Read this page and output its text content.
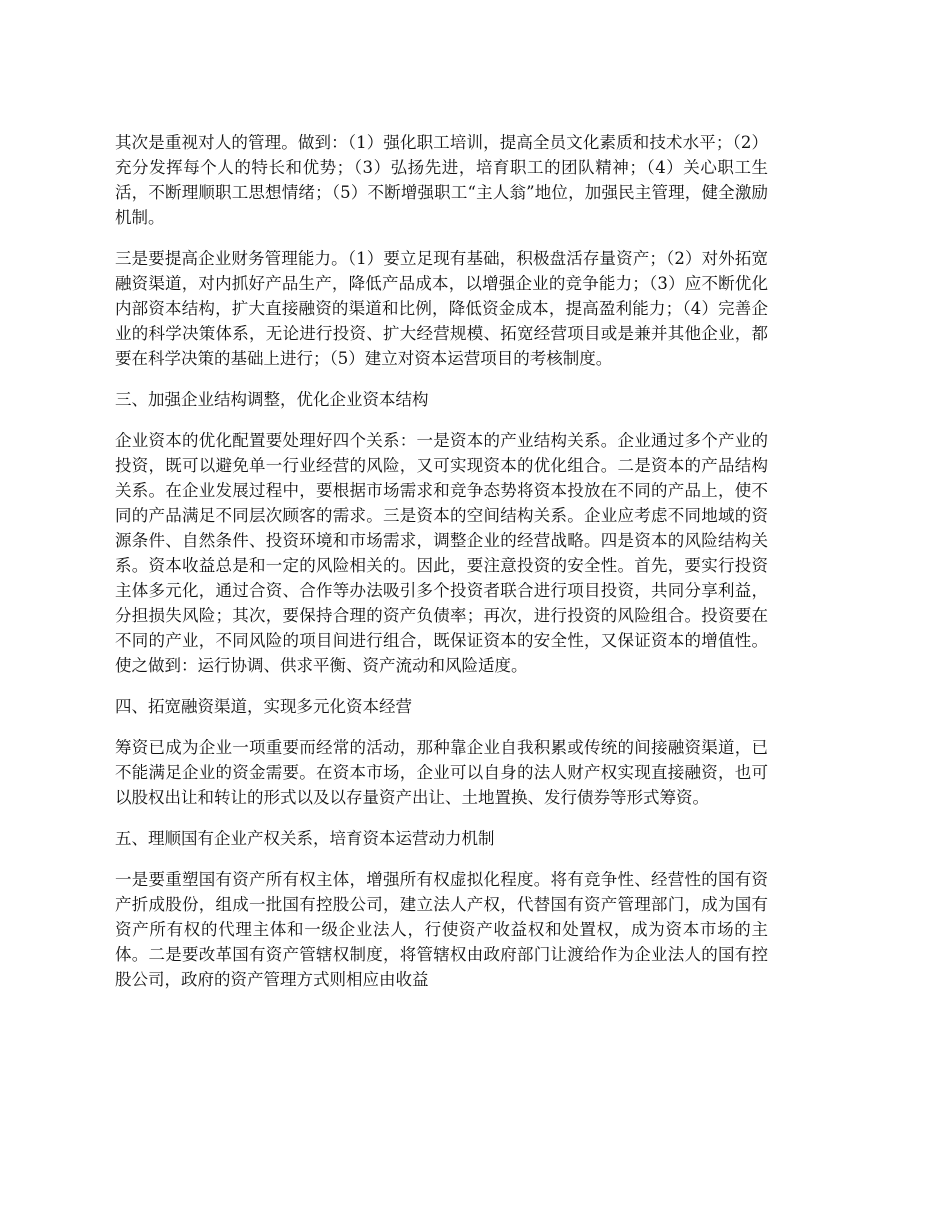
其次是重视对人的管理。做到：（1）强化职工培训，提高全员文化素质和技术水平；（2）充分发挥每个人的特长和优势；（3）弘扬先进，培育职工的团队精神；（4）关心职工生活，不断理顺职工思想情绪；（5）不断增强职工“主人翁”地位，加强民主管理，健全激励机制。

三是要提高企业财务管理能力。（1）要立足现有基础，积极盘活存量资产；（2）对外拓宽融资渠道，对内抓好产品生产，降低产品成本，以增强企业的竞争能力；（3）应不断优化内部资本结构，扩大直接融资的渠道和比例，降低资金成本，提高盈利能力；（4）完善企业的科学决策体系，无论进行投资、扩大经营规模、拓宽经营项目或是兼并其他企业，都要在科学决策的基础上进行；（5）建立对资本运营项目的考核制度。

三、加强企业结构调整，优化企业资本结构

企业资本的优化配置要处理好四个关系：一是资本的产业结构关系。企业通过多个产业的投资，既可以避免单一行业经营的风险，又可实现资本的优化组合。二是资本的产品结构关系。在企业发展过程中，要根据市场需求和竞争态势将资本投放在不同的产品上，使不同的产品满足不同层次顾客的需求。三是资本的空间结构关系。企业应考虑不同地域的资源条件、自然条件、投资环境和市场需求，调整企业的经营战略。四是资本的风险结构关系。资本收益总是和一定的风险相关的。因此，要注意投资的安全性。首先，要实行投资主体多元化，通过合资、合作等办法吸引多个投资者联合进行项目投资，共同分享利益，分担损失风险；其次，要保持合理的资产负债率；再次，进行投资的风险组合。投资要在不同的产业，不同风险的项目间进行组合，既保证资本的安全性，又保证资本的增值性。使之做到：运行协调、供求平衡、资产流动和风险适度。

四、拓宽融资渠道，实现多元化资本经营

筹资已成为企业一项重要而经常的活动，那种靠企业自我积累或传统的间接融资渠道，已不能满足企业的资金需要。在资本市场，企业可以自身的法人财产权实现直接融资，也可以股权出让和转让的形式以及以存量资产出让、土地置换、发行债券等形式筹资。

五、理顺国有企业产权关系，培育资本运营动力机制

一是要重塑国有资产所有权主体，增强所有权虚拟化程度。将有竞争性、经营性的国有资产折成股份，组成一批国有控股公司，建立法人产权，代替国有资产管理部门，成为国有资产所有权的代理主体和一级企业法人，行使资产收益权和处置权，成为资本市场的主体。二是要改革国有资产管辖权制度，将管辖权由政府部门让渡给作为企业法人的国有控股公司，政府的资产管理方式则相应由收益
